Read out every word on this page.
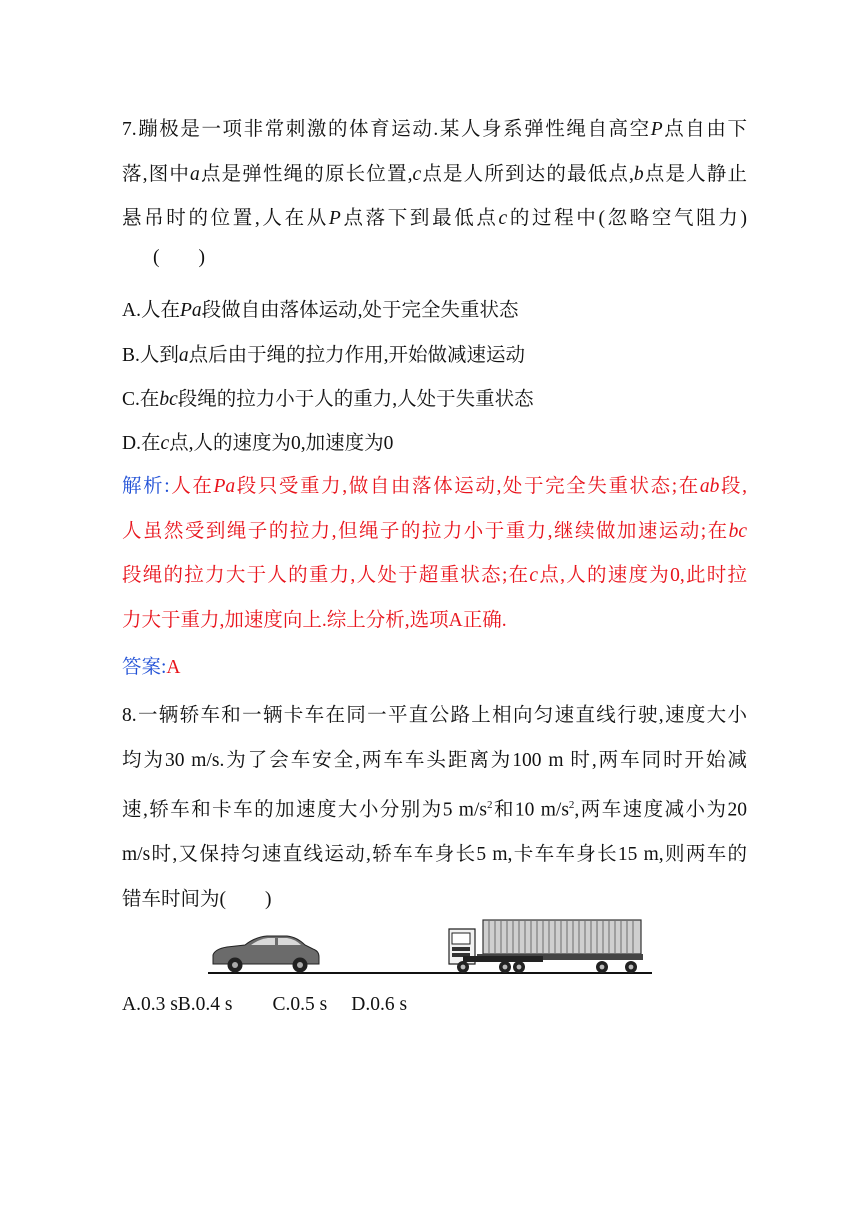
7.蹦极是一项非常刺激的体育运动.某人身系弹性绳自高空P点自由下
落,图中a点是弹性绳的原长位置,c点是人所到达的最低点,b点是人静止
悬吊时的位置,人在从P点落下到最低点c的过程中(忽略空气阻力)
(        )
A.人在Pa段做自由落体运动,处于完全失重状态
B.人到a点后由于绳的拉力作用,开始做减速运动
C.在bc段绳的拉力小于人的重力,人处于失重状态
D.在c点,人的速度为0,加速度为0
解析:人在Pa段只受重力,做自由落体运动,处于完全失重状态;在ab段,
人虽然受到绳子的拉力,但绳子的拉力小于重力,继续做加速运动;在bc
段绳的拉力大于人的重力,人处于超重状态;在c点,人的速度为0,此时拉
力大于重力,加速度向上.综上分析,选项A正确.
答案:A
8.一辆轿车和一辆卡车在同一平直公路上相向匀速直线行驶,速度大小
均为30 m/s.为了会车安全,两车车头距离为100 m 时,两车同时开始减
速,轿车和卡车的加速度大小分别为5 $m/s^2$和10 $m/s^2$,两车速度减小为20
m/s时,又保持匀速直线运动,轿车车身长5 m,卡车车身长15 m,则两车的
错车时间为(        )
A.0.3 sB.0.4 s C.0.5 s D.0.6 s
